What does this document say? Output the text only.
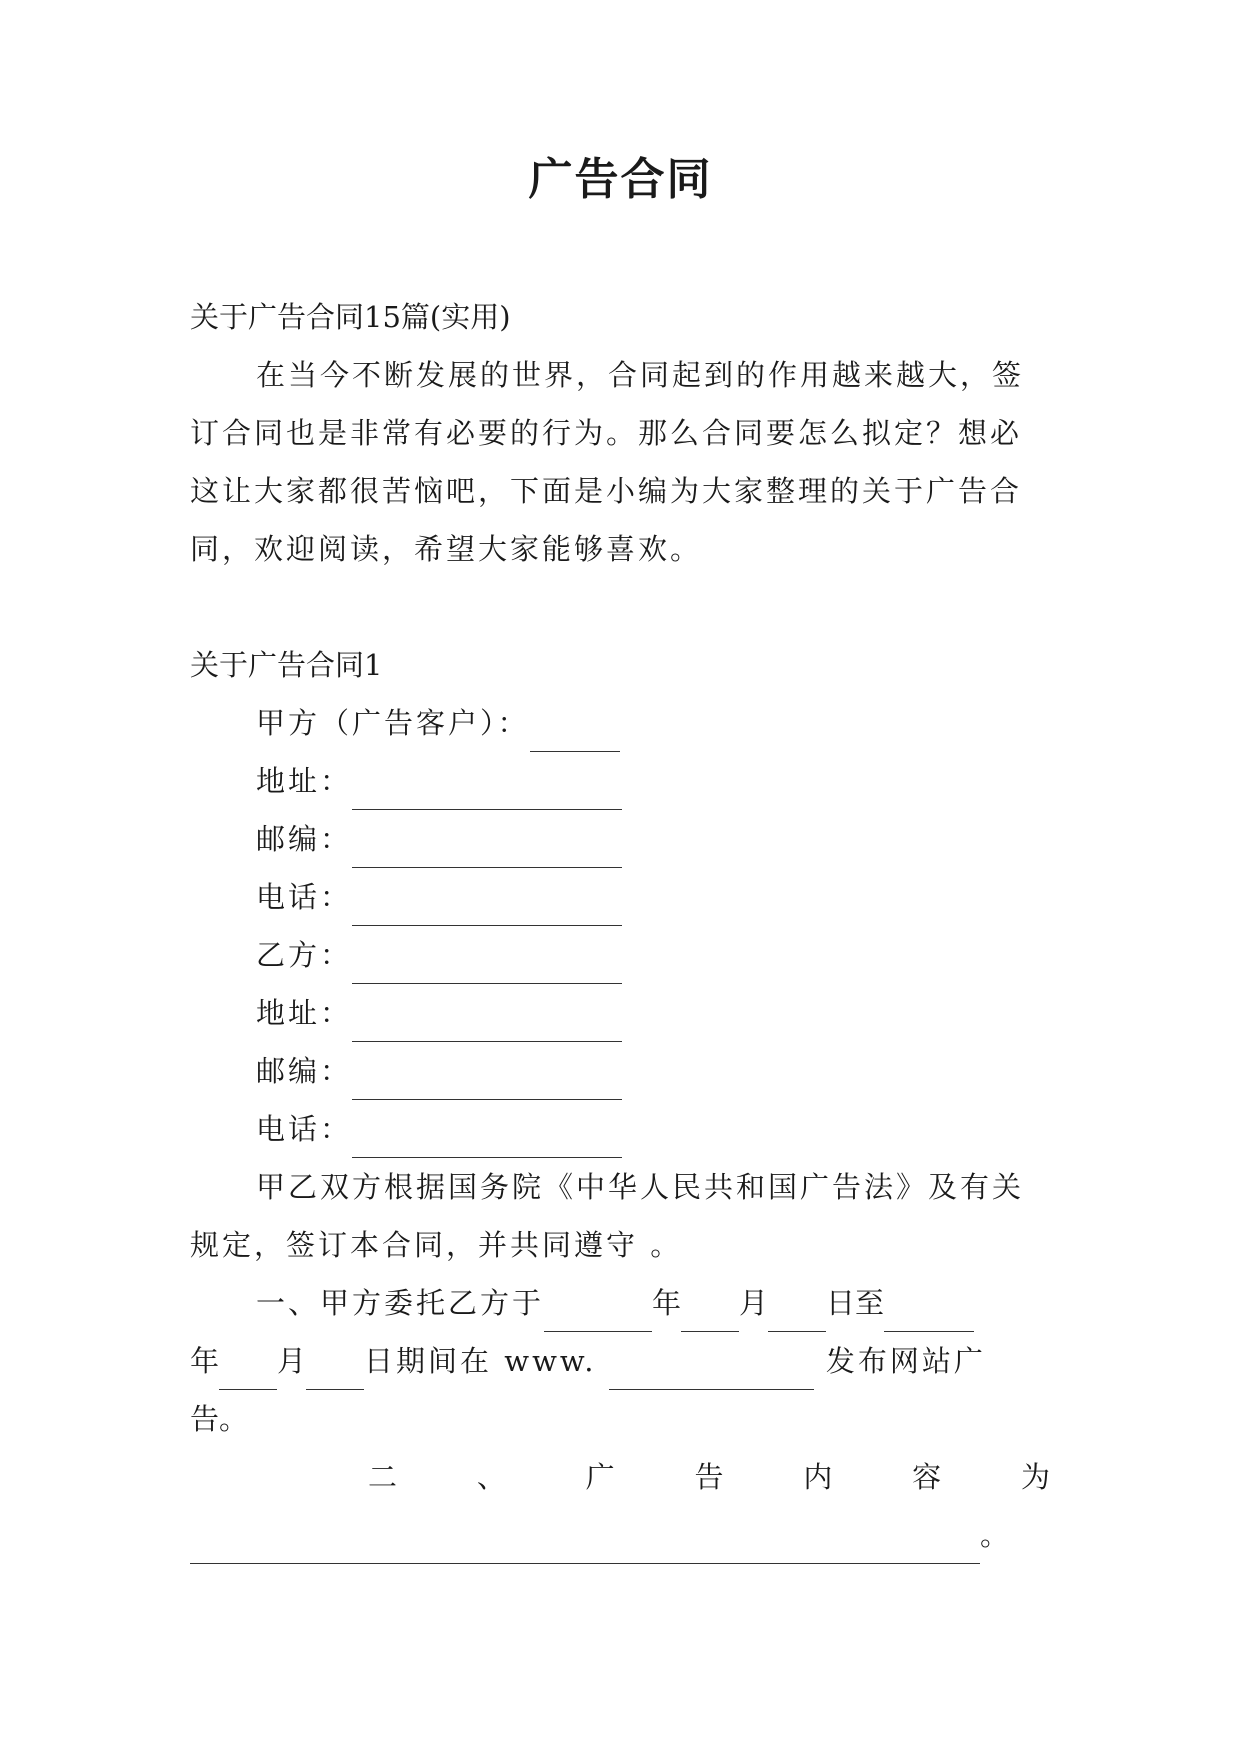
广告合同
关于广告合同15篇(实用)
在当今不断发展的世界，合同起到的作用越来越大，签
订合同也是非常有必要的行为。那么合同要怎么拟定？想必
这让大家都很苦恼吧，下面是小编为大家整理的关于广告合
同，欢迎阅读，希望大家能够喜欢。
关于广告合同1
甲方（广告客户）：
地址：
邮编：
电话：
乙方：
地址：
邮编：
电话：
甲乙双方根据国务院《中华人民共和国广告法》及有关
规定，签订本合同，并共同遵守 。
一、甲方委托乙方于	年 月 日至
年 月 日期间在 www.	发布网站广
告。
二	、	广	告	内	容	为
。
